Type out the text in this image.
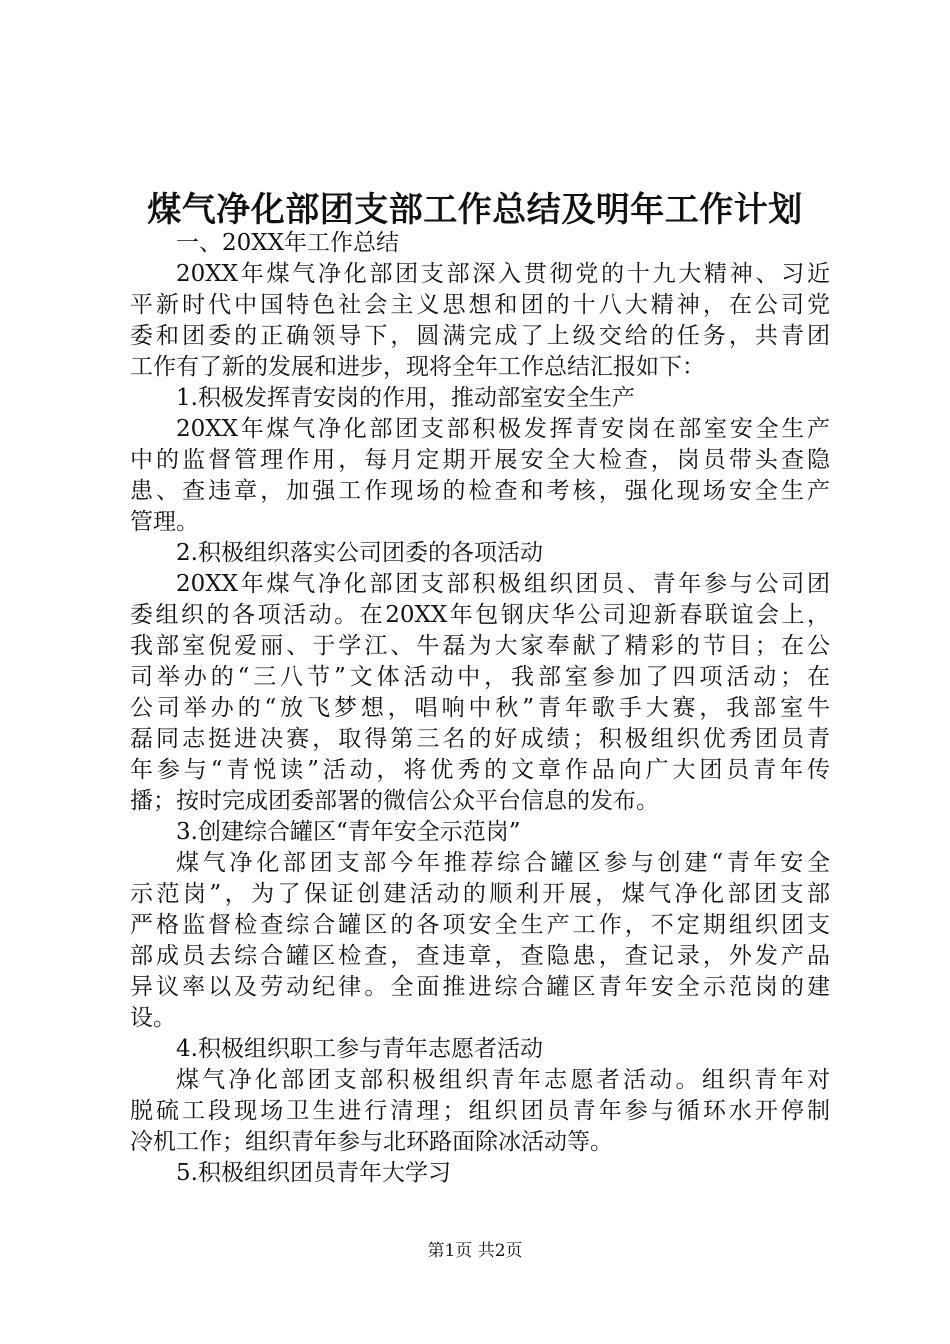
煤气净化部团支部工作总结及明年工作计划
一、20XX年工作总结
20XX年煤气净化部团支部深入贯彻党的十九大精神、习近
平新时代中国特色社会主义思想和团的十八大精神，在公司党
委和团委的正确领导下，圆满完成了上级交给的任务，共青团
工作有了新的发展和进步，现将全年工作总结汇报如下：
1.积极发挥青安岗的作用，推动部室安全生产
20XX年煤气净化部团支部积极发挥青安岗在部室安全生产
中的监督管理作用，每月定期开展安全大检查，岗员带头查隐
患、查违章，加强工作现场的检查和考核，强化现场安全生产
管理。
2.积极组织落实公司团委的各项活动
20XX年煤气净化部团支部积极组织团员、青年参与公司团
委组织的各项活动。在20XX年包钢庆华公司迎新春联谊会上，
我部室倪爱丽、于学江、牛磊为大家奉献了精彩的节目；在公
司举办的“三八节”文体活动中，我部室参加了四项活动；在
公司举办的“放飞梦想，唱响中秋”青年歌手大赛，我部室牛
磊同志挺进决赛，取得第三名的好成绩；积极组织优秀团员青
年参与“青悦读”活动，将优秀的文章作品向广大团员青年传
播；按时完成团委部署的微信公众平台信息的发布。
3.创建综合罐区“青年安全示范岗”
煤气净化部团支部今年推荐综合罐区参与创建“青年安全
示范岗”，为了保证创建活动的顺利开展，煤气净化部团支部
严格监督检查综合罐区的各项安全生产工作，不定期组织团支
部成员去综合罐区检查，查违章，查隐患，查记录，外发产品
异议率以及劳动纪律。全面推进综合罐区青年安全示范岗的建
设。
4.积极组织职工参与青年志愿者活动
煤气净化部团支部积极组织青年志愿者活动。组织青年对
脱硫工段现场卫生进行清理；组织团员青年参与循环水开停制
冷机工作；组织青年参与北环路面除冰活动等。
5.积极组织团员青年大学习
第1页 共2页
